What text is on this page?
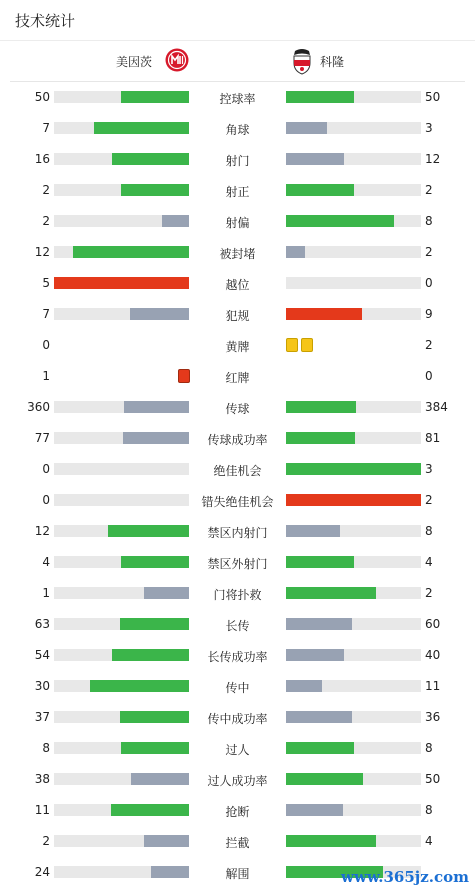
技术统计
美因茨	科隆
50	控球率	50
7	角球	3
16	射门	12
2	射正	2
2	射偏	8
12	被封堵	2
5	越位	0
7	犯规	9
0	黄牌	2
1	红牌	0
360	传球	384
77	传球成功率	81
0	绝佳机会	3
0	错失绝佳机会	2
12	禁区内射门	8
4	禁区外射门	4
1	门将扑救	2
63	长传	60
54	长传成功率	40
30	传中	11
37	传中成功率	36
8	过人	8
38	过人成功率	50
11	抢断	8
2	拦截	4
24	解围	www.365jz.com
